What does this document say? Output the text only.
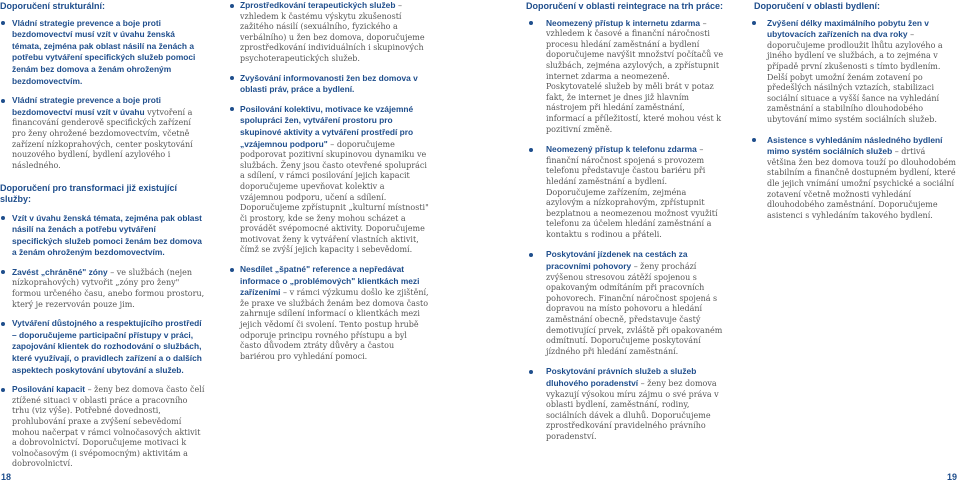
Doporučení strukturální:
Vládní strategie prevence a boje proti bezdomovectví musí vzít v úvahu ženská témata, zejména pak oblast násilí na ženách a potřebu vytváření specifických služeb pomoci ženám bez domova a ženám ohroženým bezdomovectvím.
Vládní strategie prevence a boje proti bezdomovectví musí vzít v úvahu vytvoření a financování genderově specifických zařízení pro ženy ohrožené bezdomovectvím, včetně zařízení nízkoprahových, center poskytování nouzového bydlení, bydlení azylového i následného.
Doporučení pro transformaci již existující služby:
Vzít v úvahu ženská témata, zejména pak oblast násilí na ženách a potřebu vytváření specifických služeb pomoci ženám bez domova a ženám ohroženým bezdomovectvím.
Zavést „chráněné" zóny – ve službách (nejen nízkoprahových) vytvořit „zóny pro ženy" formou určeného času, anebo formou prostoru, který je rezervován pouze jim.
Vytváření důstojného a respektujícího prostředí – doporučujeme participační přístupy v práci, zapojování klientek do rozhodování o službách, které využívají, o pravidlech zařízení a o dalších aspektech poskytování ubytování a služeb.
Posilování kapacit – ženy bez domova často čelí ztížené situaci v oblasti práce a pracovního trhu (viz výše). Potřebné dovednosti, prohlubování praxe a zvýšení sebevědomí mohou načerpat v rámci volnočasových aktivit a dobrovolnictví. Doporučujeme motivaci k volnočasovým (i svépomocným) aktivitám a dobrovolnictví.
Zprostředkování terapeutických služeb – vzhledem k častému výskytu zkušeností zažitého násilí (sexuálního, fyzického a verbálního) u žen bez domova, doporučujeme zprostředkování individuálních i skupinových psychoterapeutických služeb.
Zvyšování informovanosti žen bez domova v oblasti práv, práce a bydlení.
Posilování kolektivu, motivace ke vzájemné spolupráci žen, vytváření prostoru pro skupinové aktivity a vytváření prostředí pro „vzájemnou podporu" – doporučujeme podporovat pozitivní skupinovou dynamiku ve službách. Ženy jsou často otevřené spolupráci a sdílení, v rámci posilování jejich kapacit doporučujeme upevňovat kolektiv a vzájemnou podporu, učení a sdílení. Doporučujeme zpřístupnit „kulturní místnosti" či prostory, kde se ženy mohou scházet a provádět svépomocné aktivity. Doporučujeme motivovat ženy k vytváření vlastních aktivit, čímž se zvýší jejich kapacity i sebevědomí.
Nesdílet „špatné" reference a nepředávat informace o „problémových" klientkách mezi zařízeními – v rámci výzkumu došlo ke zjištění, že praxe ve službách ženám bez domova často zahrnuje sdílení informací o klientkách mezi jejich vědomí či svolení. Tento postup hrubě odporuje principu rovného přístupu a byl často důvodem ztráty důvěry a častou bariérou pro vyhledání pomoci.
Doporučení v oblasti reintegrace na trh práce:
Neomezený přístup k internetu zdarma – vzhledem k časové a finanční náročnosti procesu hledání zaměstnání a bydlení doporučujeme navýšit množství počítačů ve službách, zejména azylových, a zpřístupnit internet zdarma a neomezeně. Poskytovatelé služeb by měli brát v potaz fakt, že internet je dnes již hlavním nástrojem při hledání zaměstnání, informací a příležitostí, které mohou vést k pozitivní změně.
Neomezený přístup k telefonu zdarma – finanční náročnost spojená s provozem telefonu představuje častou bariéru při hledání zaměstnání a bydlení. Doporučujeme zařízením, zejména azylovým a nízkoprahovým, zpřístupnit bezplatnou a neomezenou možnost využití telefonu za účelem hledání zaměstnání a kontaktu s rodinou a přáteli.
Poskytování jízdenek na cestách za pracovními pohovory – ženy prochází zvýšenou stresovou zátěží spojenou s opakovaným odmítáním při pracovních pohovorech. Finanční náročnost spojená s dopravou na místo pohovoru a hledání zaměstnání obecně, představuje častý demotivující prvek, zvláště při opakovaném odmítnutí. Doporučujeme poskytování jízdného při hledání zaměstnání.
Poskytování právních služeb a služeb dluhového poradenství – ženy bez domova vykazují výsokou míru zájmu o své práva v oblasti bydlení, zaměstnání, rodiny, sociálních dávek a dluhů. Doporučujeme zprostředkování pravidelného právního poradenství.
Doporučení v oblasti bydlení:
Zvýšení délky maximálního pobytu žen v ubytovacích zařízeních na dva roky – doporučujeme prodloužit lhůtu azylového a jiného bydlení ve službách, a to zejména v případě první zkušenosti s tímto bydlením. Delší pobyt umožní ženám zotavení po předešlých násilných vztazích, stabilizaci sociální situace a vyšší šance na vyhledání zaměstnání a stabilního dlouhodobého ubytování mimo systém sociálních služeb.
Asistence s vyhledáním následného bydlení mimo systém sociálních služeb – drtivá většina žen bez domova touží po dlouhodobém stabilním a finančně dostupném bydlení, které dle jejich vnímání umožní psychické a sociální zotavení včetně možnosti vyhledání dlouhodobého zaměstnání. Doporučujeme asistenci s vyhledáním takového bydlení.
18	19
